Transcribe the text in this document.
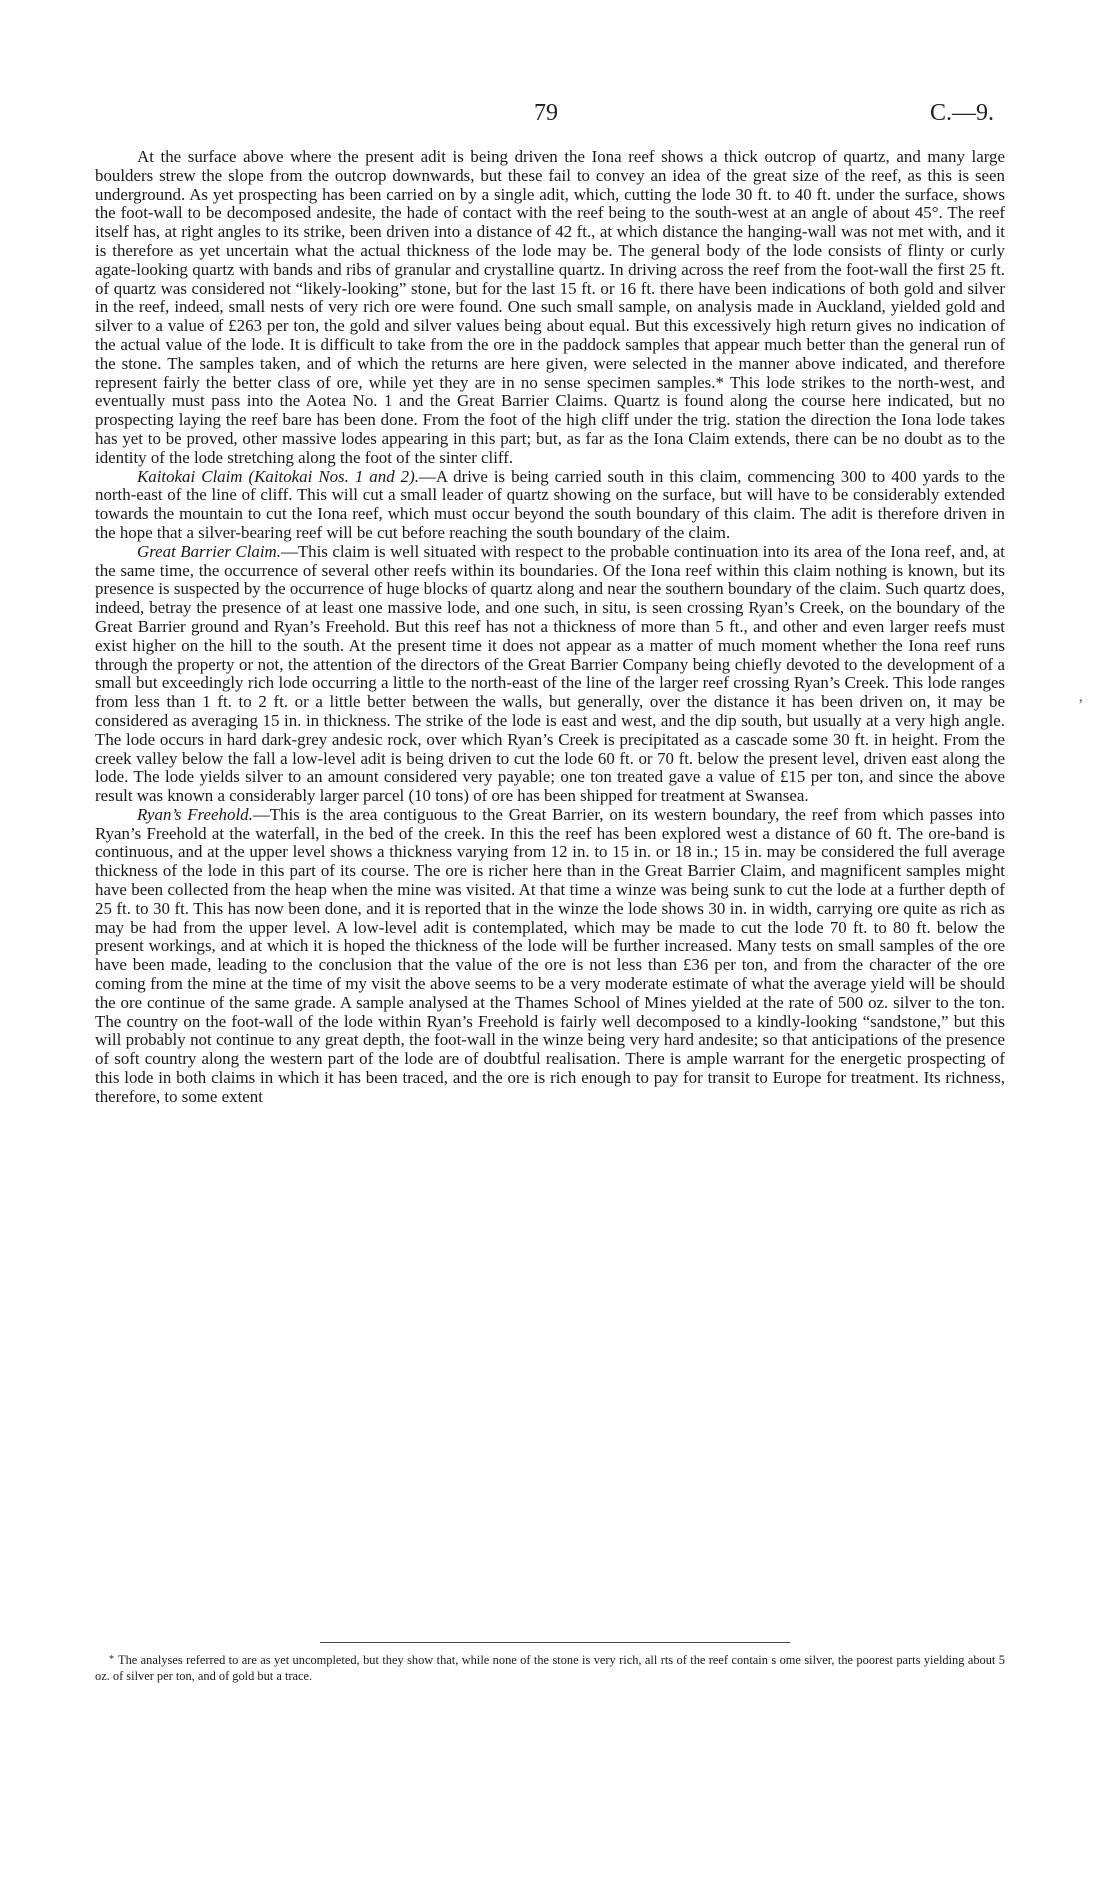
79	C.—9.

At the surface above where the present adit is being driven the Iona reef shows a thick outcrop of quartz, and many large boulders strew the slope from the outcrop downwards, but these fail to convey an idea of the great size of the reef, as this is seen underground. As yet prospecting has been carried on by a single adit, which, cutting the lode 30 ft. to 40 ft. under the surface, shows the foot-wall to be decomposed andesite, the hade of contact with the reef being to the south-west at an angle of about 45°. The reef itself has, at right angles to its strike, been driven into a distance of 42 ft., at which distance the hanging-wall was not met with, and it is therefore as yet uncertain what the actual thickness of the lode may be. The general body of the lode consists of flinty or curly agate-looking quartz with bands and ribs of granular and crystalline quartz. In driving across the reef from the foot-wall the first 25 ft. of quartz was considered not “likely-looking” stone, but for the last 15 ft. or 16 ft. there have been indications of both gold and silver in the reef, indeed, small nests of very rich ore were found. One such small sample, on analysis made in Auckland, yielded gold and silver to a value of £263 per ton, the gold and silver values being about equal. But this excessively high return gives no indication of the actual value of the lode. It is difficult to take from the ore in the paddock samples that appear much better than the general run of the stone. The samples taken, and of which the returns are here given, were selected in the manner above indicated, and therefore represent fairly the better class of ore, while yet they are in no sense specimen samples.* This lode strikes to the north-west, and eventually must pass into the Aotea No. 1 and the Great Barrier Claims. Quartz is found along the course here indicated, but no prospecting laying the reef bare has been done. From the foot of the high cliff under the trig. station the direction the Iona lode takes has yet to be proved, other massive lodes appearing in this part; but, as far as the Iona Claim extends, there can be no doubt as to the identity of the lode stretching along the foot of the sinter cliff.

Kaitokai Claim (Kaitokai Nos. 1 and 2).—A drive is being carried south in this claim, commencing 300 to 400 yards to the north-east of the line of cliff. This will cut a small leader of quartz showing on the surface, but will have to be considerably extended towards the mountain to cut the Iona reef, which must occur beyond the south boundary of this claim. The adit is therefore driven in the hope that a silver-bearing reef will be cut before reaching the south boundary of the claim.

Great Barrier Claim.—This claim is well situated with respect to the probable continuation into its area of the Iona reef, and, at the same time, the occurrence of several other reefs within its boundaries. Of the Iona reef within this claim nothing is known, but its presence is suspected by the occurrence of huge blocks of quartz along and near the southern boundary of the claim. Such quartz does, indeed, betray the presence of at least one massive lode, and one such, in situ, is seen crossing Ryan’s Creek, on the boundary of the Great Barrier ground and Ryan’s Freehold. But this reef has not a thickness of more than 5 ft., and other and even larger reefs must exist higher on the hill to the south. At the present time it does not appear as a matter of much moment whether the Iona reef runs through the property or not, the attention of the directors of the Great Barrier Company being chiefly devoted to the development of a small but exceedingly rich lode occurring a little to the north-east of the line of the larger reef crossing Ryan’s Creek. This lode ranges from less than 1 ft. to 2 ft. or a little better between the walls, but generally, over the distance it has been driven on, it may be considered as averaging 15 in. in thickness. The strike of the lode is east and west, and the dip south, but usually at a very high angle. The lode occurs in hard dark-grey andesic rock, over which Ryan’s Creek is precipitated as a cascade some 30 ft. in height. From the creek valley below the fall a low-level adit is being driven to cut the lode 60 ft. or 70 ft. below the present level, driven east along the lode. The lode yields silver to an amount considered very payable; one ton treated gave a value of £15 per ton, and since the above result was known a considerably larger parcel (10 tons) of ore has been shipped for treatment at Swansea.

Ryan’s Freehold.—This is the area contiguous to the Great Barrier, on its western boundary, the reef from which passes into Ryan’s Freehold at the waterfall, in the bed of the creek. In this the reef has been explored west a distance of 60 ft. The ore-band is continuous, and at the upper level shows a thickness varying from 12 in. to 15 in. or 18 in.; 15 in. may be considered the full average thickness of the lode in this part of its course. The ore is richer here than in the Great Barrier Claim, and magnificent samples might have been collected from the heap when the mine was visited. At that time a winze was being sunk to cut the lode at a further depth of 25 ft. to 30 ft. This has now been done, and it is reported that in the winze the lode shows 30 in. in width, carrying ore quite as rich as may be had from the upper level. A low-level adit is contemplated, which may be made to cut the lode 70 ft. to 80 ft. below the present workings, and at which it is hoped the thickness of the lode will be further increased. Many tests on small samples of the ore have been made, leading to the conclusion that the value of the ore is not less than £36 per ton, and from the character of the ore coming from the mine at the time of my visit the above seems to be a very moderate estimate of what the average yield will be should the ore continue of the same grade. A sample analysed at the Thames School of Mines yielded at the rate of 500 oz. silver to the ton. The country on the foot-wall of the lode within Ryan’s Freehold is fairly well decomposed to a kindly-looking “sandstone,” but this will probably not continue to any great depth, the foot-wall in the winze being very hard andesite; so that anticipations of the presence of soft country along the western part of the lode are of doubtful realisation. There is ample warrant for the energetic prospecting of this lode in both claims in which it has been traced, and the ore is rich enough to pay for transit to Europe for treatment. Its richness, therefore, to some extent

‚

* The analyses referred to are as yet uncompleted, but they show that, while none of the stone is very rich, all rts of the reef contain s ome silver, the poorest parts yielding about 5 oz. of silver per ton, and of gold but a trace.
